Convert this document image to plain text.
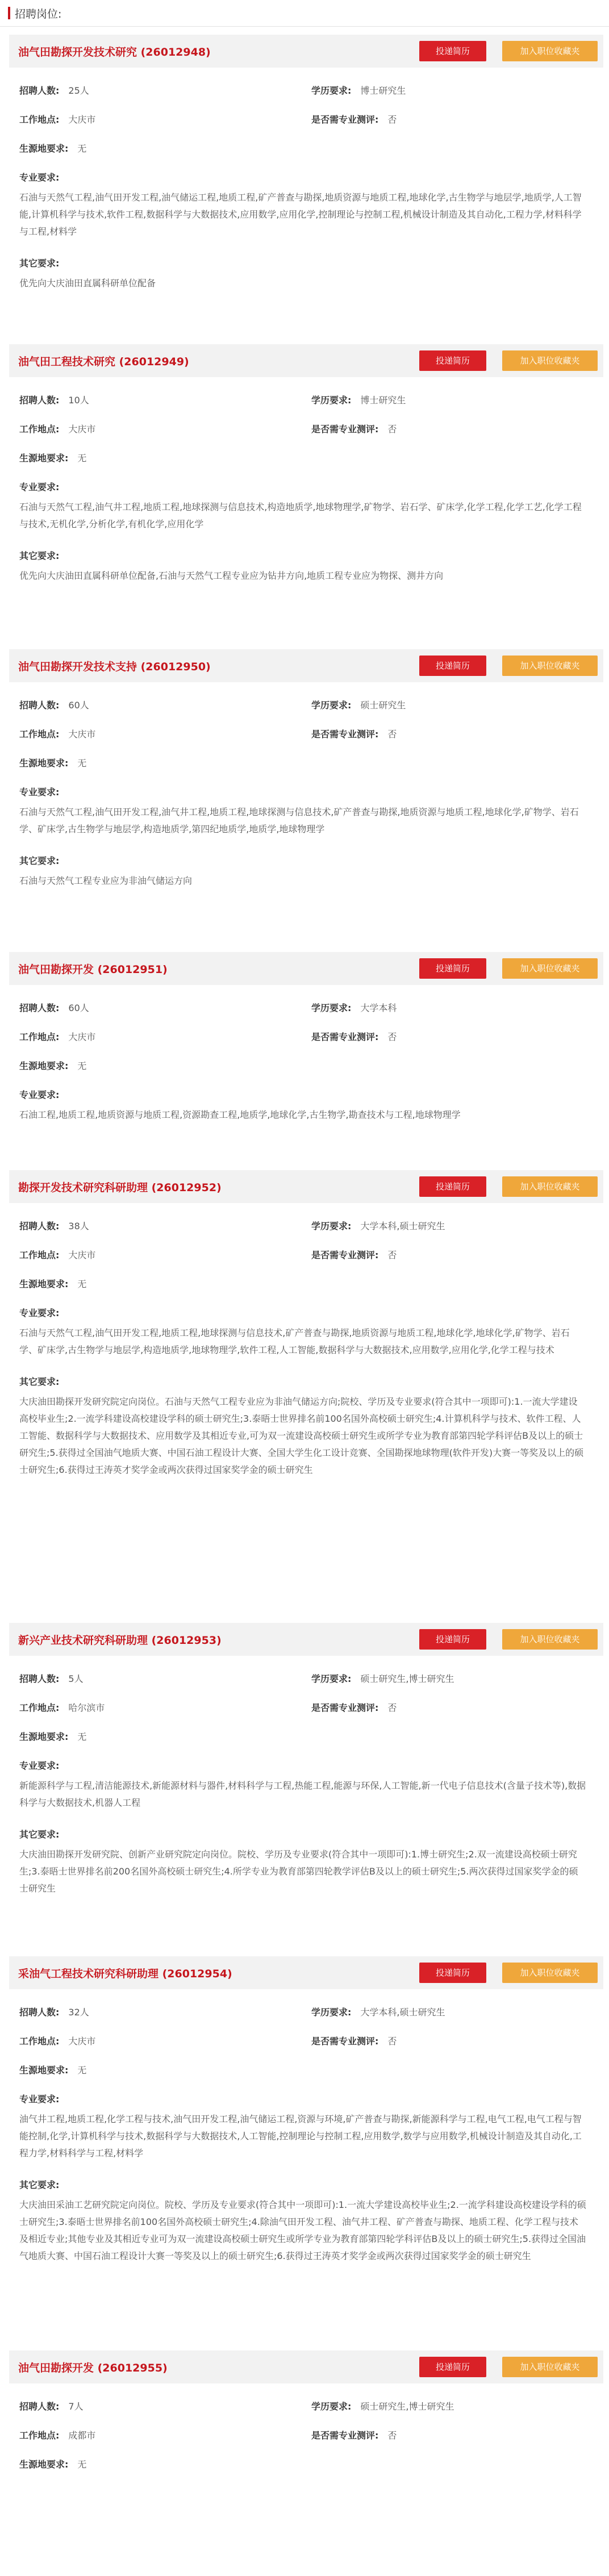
招聘岗位:
油气田勘探开发技术研究 (26012948)	投递简历	加入职位收藏夹
招聘人数: 25人	学历要求: 博士研究生
工作地点: 大庆市	是否需专业测评: 否
生源地要求: 无
专业要求:
石油与天然气工程,油气田开发工程,油气储运工程,地质工程,矿产普查与勘探,地质资源与地质工程,地球化学,古生物学与地层学,地质学,人工智能,计算机科学与技术,软件工程,数据科学与大数据技术,应用数学,应用化学,控制理论与控制工程,机械设计制造及其自动化,工程力学,材料科学与工程,材料学
其它要求:
优先向大庆油田直属科研单位配备
油气田工程技术研究 (26012949)	投递简历	加入职位收藏夹
招聘人数: 10人	学历要求: 博士研究生
工作地点: 大庆市	是否需专业测评: 否
生源地要求: 无
专业要求:
石油与天然气工程,油气井工程,地质工程,地球探测与信息技术,构造地质学,地球物理学,矿物学、岩石学、矿床学,化学工程,化学工艺,化学工程与技术,无机化学,分析化学,有机化学,应用化学
其它要求:
优先向大庆油田直属科研单位配备,石油与天然气工程专业应为钻井方向,地质工程专业应为物探、测井方向
油气田勘探开发技术支持 (26012950)	投递简历	加入职位收藏夹
招聘人数: 60人	学历要求: 硕士研究生
工作地点: 大庆市	是否需专业测评: 否
生源地要求: 无
专业要求:
石油与天然气工程,油气田开发工程,油气井工程,地质工程,地球探测与信息技术,矿产普查与勘探,地质资源与地质工程,地球化学,矿物学、岩石学、矿床学,古生物学与地层学,构造地质学,第四纪地质学,地质学,地球物理学
其它要求:
石油与天然气工程专业应为非油气储运方向
油气田勘探开发 (26012951)	投递简历	加入职位收藏夹
招聘人数: 60人	学历要求: 大学本科
工作地点: 大庆市	是否需专业测评: 否
生源地要求: 无
专业要求:
石油工程,地质工程,地质资源与地质工程,资源勘查工程,地质学,地球化学,古生物学,勘查技术与工程,地球物理学
勘探开发技术研究科研助理 (26012952)	投递简历	加入职位收藏夹
招聘人数: 38人	学历要求: 大学本科,硕士研究生
工作地点: 大庆市	是否需专业测评: 否
生源地要求: 无
专业要求:
石油与天然气工程,油气田开发工程,地质工程,地球探测与信息技术,矿产普查与勘探,地质资源与地质工程,地球化学,地球化学,矿物学、岩石学、矿床学,古生物学与地层学,构造地质学,地球物理学,软件工程,人工智能,数据科学与大数据技术,应用数学,应用化学,化学工程与技术
其它要求:
大庆油田勘探开发研究院定向岗位。石油与天然气工程专业应为非油气储运方向;院校、学历及专业要求(符合其中一项即可):1.一流大学建设高校毕业生;2.一流学科建设高校建设学科的硕士研究生;3.泰晤士世界排名前100名国外高校硕士研究生;4.计算机科学与技术、软件工程、人工智能、数据科学与大数据技术、应用数学及其相近专业,可为双一流建设高校硕士研究生或所学专业为教育部第四轮学科评估B及以上的硕士研究生;5.获得过全国油气地质大赛、中国石油工程设计大赛、全国大学生化工设计竞赛、全国勘探地球物理(软件开发)大赛一等奖及以上的硕士研究生;6.获得过王涛英才奖学金或两次获得过国家奖学金的硕士研究生
新兴产业技术研究科研助理 (26012953)	投递简历	加入职位收藏夹
招聘人数: 5人	学历要求: 硕士研究生,博士研究生
工作地点: 哈尔滨市	是否需专业测评: 否
生源地要求: 无
专业要求:
新能源科学与工程,清洁能源技术,新能源材料与器件,材料科学与工程,热能工程,能源与环保,人工智能,新一代电子信息技术(含量子技术等),数据科学与大数据技术,机器人工程
其它要求:
大庆油田勘探开发研究院、创新产业研究院定向岗位。院校、学历及专业要求(符合其中一项即可):1.博士研究生;2.双一流建设高校硕士研究生;3.泰晤士世界排名前200名国外高校硕士研究生;4.所学专业为教育部第四轮教学评估B及以上的硕士研究生;5.两次获得过国家奖学金的硕士研究生
采油气工程技术研究科研助理 (26012954)	投递简历	加入职位收藏夹
招聘人数: 32人	学历要求: 大学本科,硕士研究生
工作地点: 大庆市	是否需专业测评: 否
生源地要求: 无
专业要求:
油气井工程,地质工程,化学工程与技术,油气田开发工程,油气储运工程,资源与环境,矿产普查与勘探,新能源科学与工程,电气工程,电气工程与智能控制,化学,计算机科学与技术,数据科学与大数据技术,人工智能,控制理论与控制工程,应用数学,数学与应用数学,机械设计制造及其自动化,工程力学,材料科学与工程,材料学
其它要求:
大庆油田采油工艺研究院定向岗位。院校、学历及专业要求(符合其中一项即可):1.一流大学建设高校毕业生;2.一流学科建设高校建设学科的硕士研究生;3.泰晤士世界排名前100名国外高校硕士研究生;4.除油气田开发工程、油气井工程、矿产普查与勘探、地质工程、化学工程与技术及相近专业;其他专业及其相近专业可为双一流建设高校硕士研究生或所学专业为教育部第四轮学科评估B及以上的硕士研究生;5.获得过全国油气地质大赛、中国石油工程设计大赛一等奖及以上的硕士研究生;6.获得过王涛英才奖学金或两次获得过国家奖学金的硕士研究生
油气田勘探开发 (26012955)	投递简历	加入职位收藏夹
招聘人数: 7人	学历要求: 硕士研究生,博士研究生
工作地点: 成都市	是否需专业测评: 否
生源地要求: 无
